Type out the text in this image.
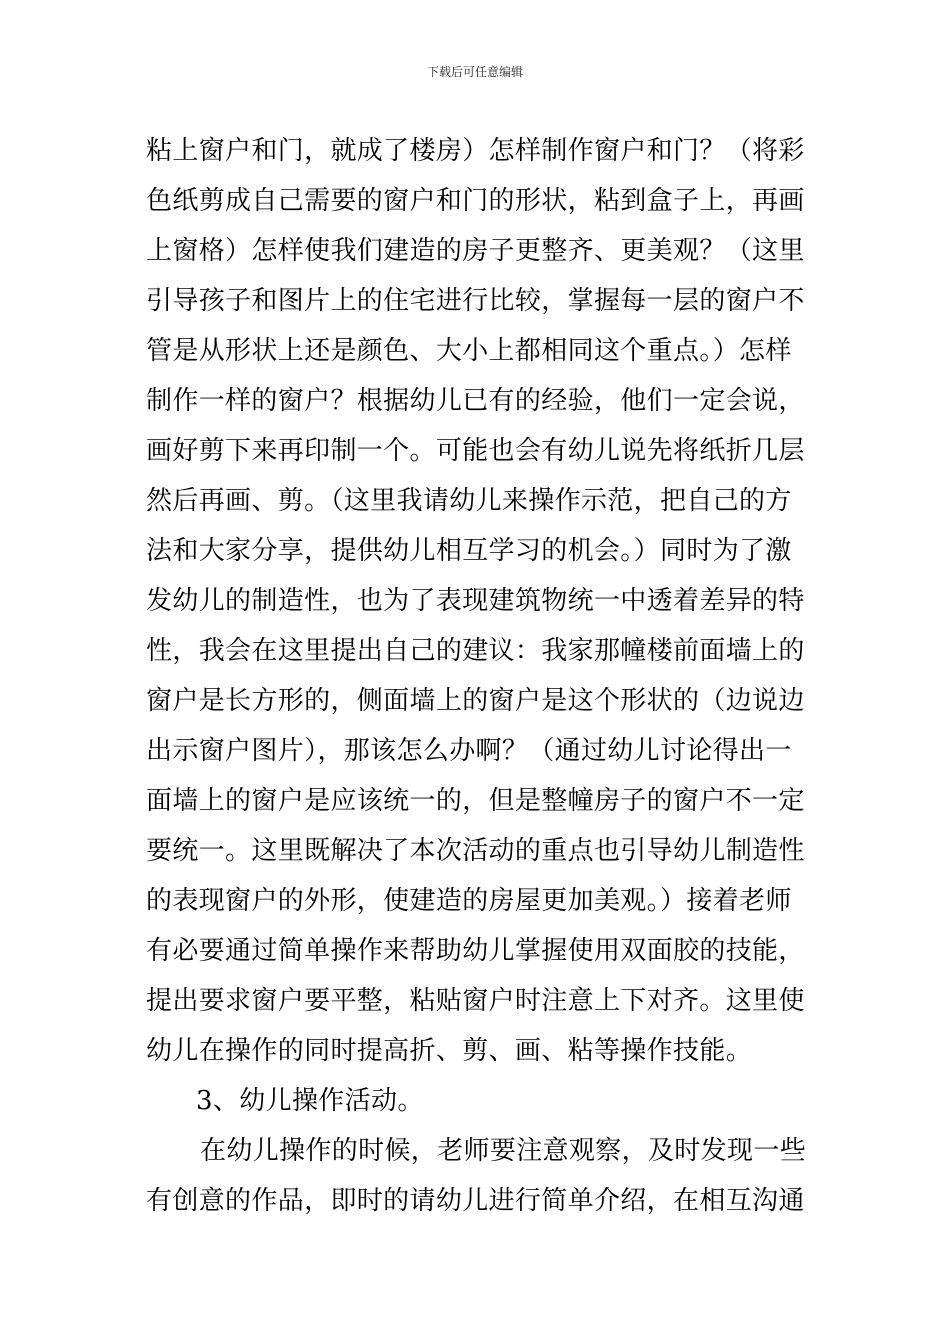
下载后可任意编辑
粘上窗户和门，就成了楼房）怎样制作窗户和门？（将彩
色纸剪成自己需要的窗户和门的形状，粘到盒子上，再画
上窗格）怎样使我们建造的房子更整齐、更美观？（这里
引导孩子和图片上的住宅进行比较，掌握每一层的窗户不
管是从形状上还是颜色、大小上都相同这个重点。）怎样
制作一样的窗户？根据幼儿已有的经验，他们一定会说，
画好剪下来再印制一个。可能也会有幼儿说先将纸折几层
然后再画、剪。（这里我请幼儿来操作示范，把自己的方
法和大家分享，提供幼儿相互学习的机会。）同时为了激
发幼儿的制造性，也为了表现建筑物统一中透着差异的特
性，我会在这里提出自己的建议：我家那幢楼前面墙上的
窗户是长方形的，侧面墙上的窗户是这个形状的（边说边
出示窗户图片），那该怎么办啊？（通过幼儿讨论得出一
面墙上的窗户是应该统一的，但是整幢房子的窗户不一定
要统一。这里既解决了本次活动的重点也引导幼儿制造性
的表现窗户的外形，使建造的房屋更加美观。）接着老师
有必要通过简单操作来帮助幼儿掌握使用双面胶的技能，
提出要求窗户要平整，粘贴窗户时注意上下对齐。这里使
幼儿在操作的同时提高折、剪、画、粘等操作技能。
3、幼儿操作活动。
在幼儿操作的时候，老师要注意观察，及时发现一些
有创意的作品，即时的请幼儿进行简单介绍，在相互沟通
